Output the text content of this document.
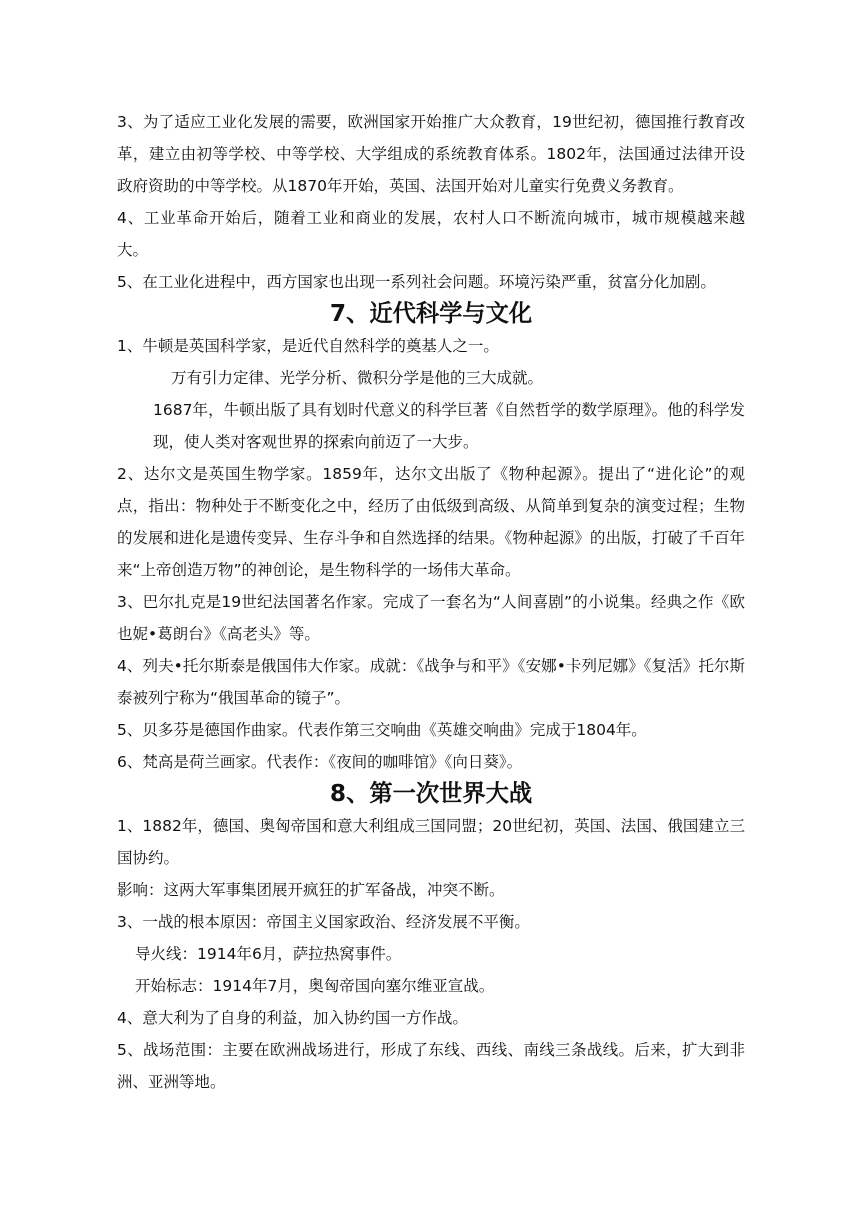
3、为了适应工业化发展的需要，欧洲国家开始推广大众教育，19世纪初，德国推行教育改革，建立由初等学校、中等学校、大学组成的系统教育体系。1802年，法国通过法律开设政府资助的中等学校。从1870年开始，英国、法国开始对儿童实行免费义务教育。

4、工业革命开始后，随着工业和商业的发展，农村人口不断流向城市，城市规模越来越大。

5、在工业化进程中，西方国家也出现一系列社会问题。环境污染严重，贫富分化加剧。

7、近代科学与文化

1、牛顿是英国科学家，是近代自然科学的奠基人之一。

万有引力定律、光学分析、微积分学是他的三大成就。

1687年，牛顿出版了具有划时代意义的科学巨著《自然哲学的数学原理》。他的科学发现，使人类对客观世界的探索向前迈了一大步。

2、达尔文是英国生物学家。1859年，达尔文出版了《物种起源》。提出了“进化论”的观点，指出：物种处于不断变化之中，经历了由低级到高级、从简单到复杂的演变过程；生物的发展和进化是遗传变异、生存斗争和自然选择的结果。《物种起源》的出版，打破了千百年来“上帝创造万物”的神创论，是生物科学的一场伟大革命。

3、巴尔扎克是19世纪法国著名作家。完成了一套名为“人间喜剧”的小说集。经典之作《欧也妮•葛朗台》《高老头》等。

4、列夫•托尔斯泰是俄国伟大作家。成就：《战争与和平》《安娜•卡列尼娜》《复活》托尔斯泰被列宁称为“俄国革命的镜子”。

5、贝多芬是德国作曲家。代表作第三交响曲《英雄交响曲》完成于1804年。

6、梵高是荷兰画家。代表作：《夜间的咖啡馆》《向日葵》。

8、第一次世界大战

1、1882年，德国、奥匈帝国和意大利组成三国同盟；20世纪初，英国、法国、俄国建立三国协约。

影响：这两大军事集团展开疯狂的扩军备战，冲突不断。

3、一战的根本原因：帝国主义国家政治、经济发展不平衡。

导火线：1914年6月，萨拉热窝事件。

开始标志：1914年7月，奥匈帝国向塞尔维亚宣战。

4、意大利为了自身的利益，加入协约国一方作战。

5、战场范围：主要在欧洲战场进行，形成了东线、西线、南线三条战线。后来，扩大到非洲、亚洲等地。
